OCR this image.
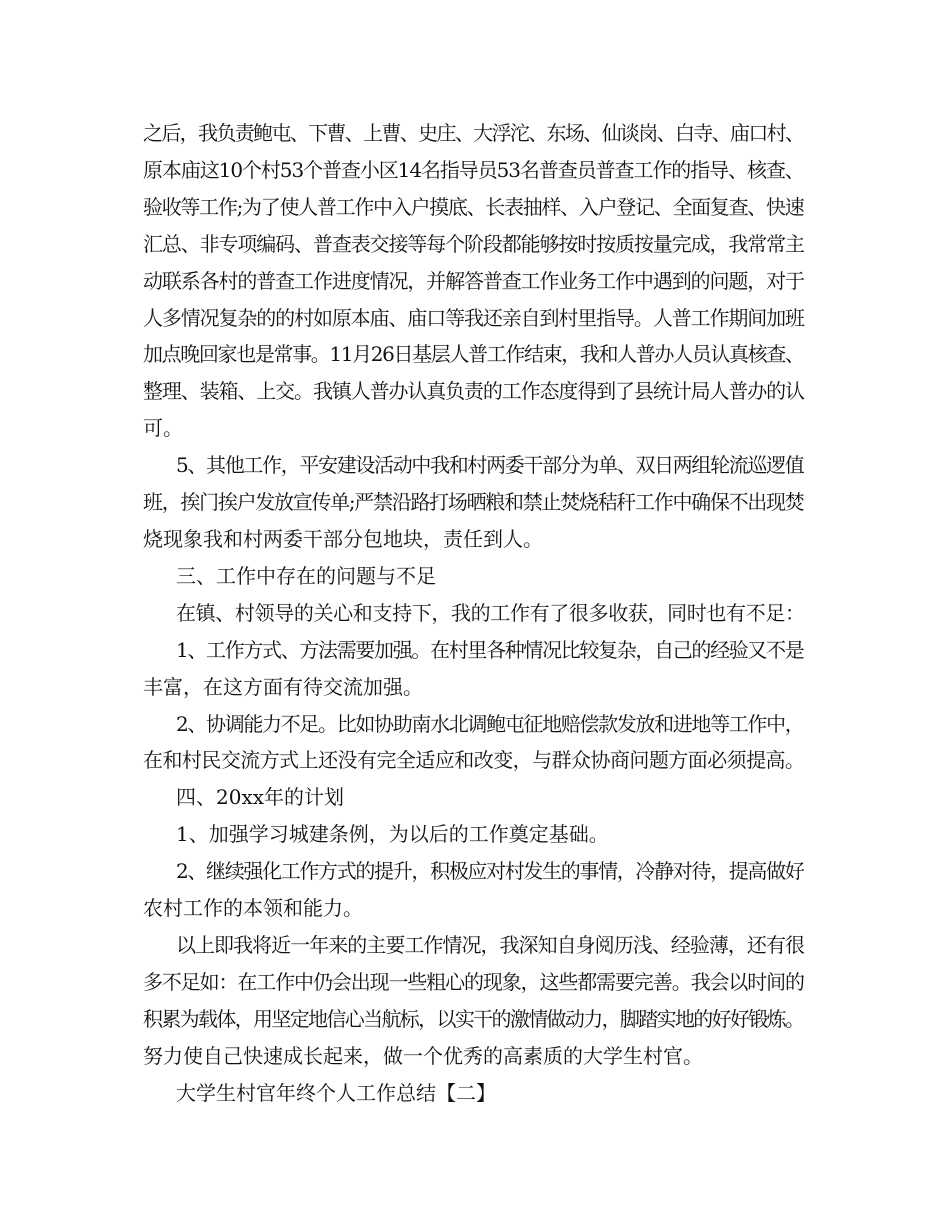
之后，我负责鲍屯、下曹、上曹、史庄、大浮沱、东场、仙谈岗、白寺、庙口村、
原本庙这10个村53个普查小区14名指导员53名普查员普查工作的指导、核查、
验收等工作;为了使人普工作中入户摸底、长表抽样、入户登记、全面复查、快速
汇总、非专项编码、普查表交接等每个阶段都能够按时按质按量完成，我常常主
动联系各村的普查工作进度情况，并解答普查工作业务工作中遇到的问题，对于
人多情况复杂的的村如原本庙、庙口等我还亲自到村里指导。人普工作期间加班
加点晚回家也是常事。11月26日基层人普工作结束，我和人普办人员认真核查、
整理、装箱、上交。我镇人普办认真负责的工作态度得到了县统计局人普办的认
可。
5、其他工作，平安建设活动中我和村两委干部分为单、双日两组轮流巡逻值
班，挨门挨户发放宣传单;严禁沿路打场晒粮和禁止焚烧秸秆工作中确保不出现焚
烧现象我和村两委干部分包地块，责任到人。
三、工作中存在的问题与不足
在镇、村领导的关心和支持下，我的工作有了很多收获，同时也有不足：
1、工作方式、方法需要加强。在村里各种情况比较复杂，自己的经验又不是
丰富，在这方面有待交流加强。
2、协调能力不足。比如协助南水北调鲍屯征地赔偿款发放和进地等工作中，
在和村民交流方式上还没有完全适应和改变，与群众协商问题方面必须提高。
四、20xx年的计划
1、加强学习城建条例，为以后的工作奠定基础。
2、继续强化工作方式的提升，积极应对村发生的事情，冷静对待，提高做好
农村工作的本领和能力。
以上即我将近一年来的主要工作情况，我深知自身阅历浅、经验薄，还有很
多不足如：在工作中仍会出现一些粗心的现象，这些都需要完善。我会以时间的
积累为载体，用坚定地信心当航标，以实干的激情做动力，脚踏实地的好好锻炼。
努力使自己快速成长起来，做一个优秀的高素质的大学生村官。
大学生村官年终个人工作总结【二】
